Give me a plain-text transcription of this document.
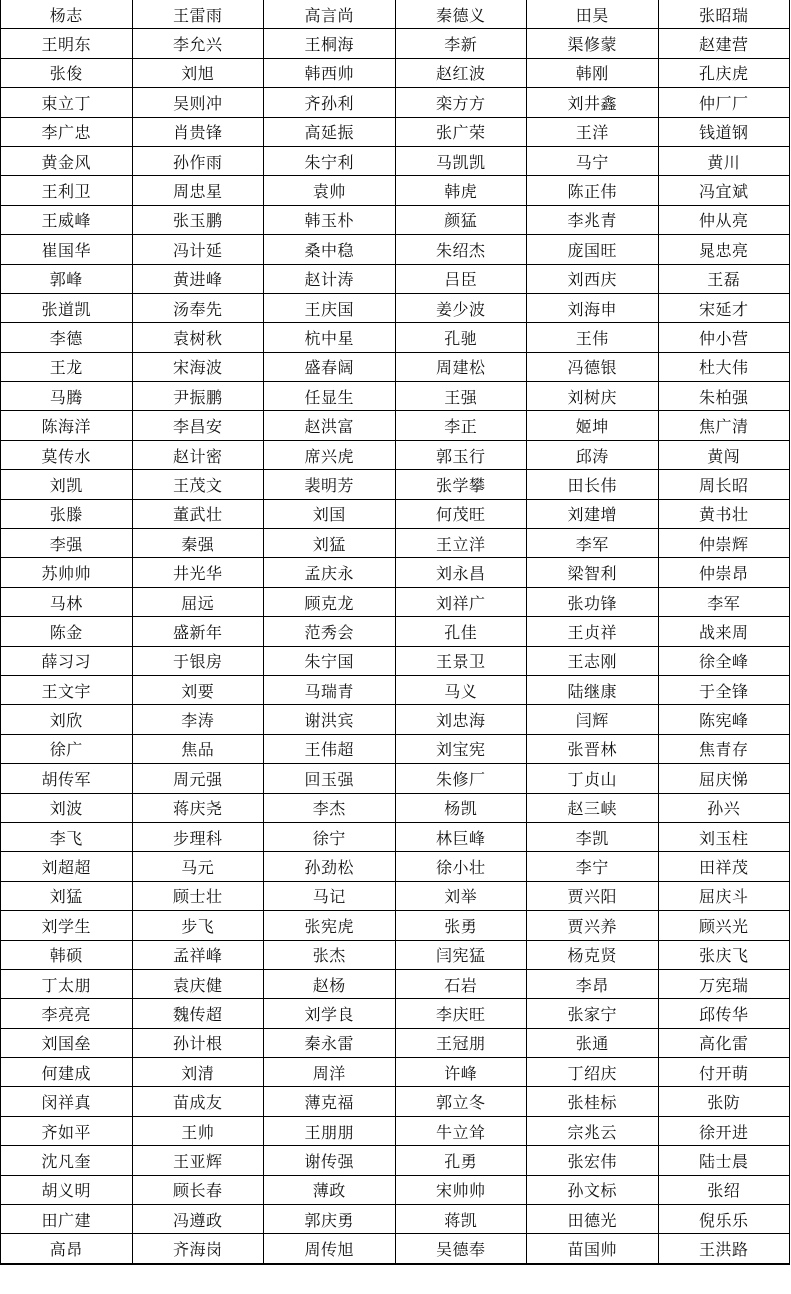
杨志	王雷雨	高言尚	秦德义	田昊	张昭瑞
王明东	李允兴	王桐海	李新	渠修蒙	赵建营
张俊	刘旭	韩西帅	赵红波	韩刚	孔庆虎
束立丁	吴则冲	齐孙利	栾方方	刘井鑫	仲厂厂
李广忠	肖贵锋	高延振	张广荣	王洋	钱道钢
黄金风	孙作雨	朱宁利	马凯凯	马宁	黄川
王利卫	周忠星	袁帅	韩虎	陈正伟	冯宜斌
王威峰	张玉鹏	韩玉朴	颜猛	李兆青	仲从亮
崔国华	冯计延	桑中稳	朱绍杰	庞国旺	晁忠亮
郭峰	黄进峰	赵计涛	吕臣	刘西庆	王磊
张道凯	汤奉先	王庆国	姜少波	刘海申	宋延才
李德	袁树秋	杭中星	孔驰	王伟	仲小营
王龙	宋海波	盛春阔	周建松	冯德银	杜大伟
马腾	尹振鹏	任显生	王强	刘树庆	朱柏强
陈海洋	李昌安	赵洪富	李正	姬坤	焦广清
莫传水	赵计密	席兴虎	郭玉行	邱涛	黄闯
刘凯	王茂文	裴明芳	张学攀	田长伟	周长昭
张滕	董武壮	刘国	何茂旺	刘建增	黄书壮
李强	秦强	刘猛	王立洋	李军	仲崇辉
苏帅帅	井光华	孟庆永	刘永昌	梁智利	仲崇昂
马林	屈远	顾克龙	刘祥广	张功锋	李军
陈金	盛新年	范秀会	孔佳	王贞祥	战来周
薛习习	于银房	朱宁国	王景卫	王志刚	徐全峰
王文宇	刘要	马瑞青	马义	陆继康	于全锋
刘欣	李涛	谢洪宾	刘忠海	闫辉	陈宪峰
徐广	焦品	王伟超	刘宝宪	张晋林	焦青存
胡传军	周元强	回玉强	朱修厂	丁贞山	屈庆悌
刘波	蒋庆尧	李杰	杨凯	赵三峡	孙兴
李飞	步理科	徐宁	林巨峰	李凯	刘玉柱
刘超超	马元	孙劲松	徐小壮	李宁	田祥茂
刘猛	顾士壮	马记	刘举	贾兴阳	屈庆斗
刘学生	步飞	张宪虎	张勇	贾兴养	顾兴光
韩硕	孟祥峰	张杰	闫宪猛	杨克贤	张庆飞
丁太朋	袁庆健	赵杨	石岩	李昂	万宪瑞
李亮亮	魏传超	刘学良	李庆旺	张家宁	邱传华
刘国垒	孙计根	秦永雷	王冠朋	张通	高化雷
何建成	刘清	周洋	许峰	丁绍庆	付开萌
闵祥真	苗成友	薄克福	郭立冬	张桂标	张防
齐如平	王帅	王朋朋	牛立耸	宗兆云	徐开进
沈凡奎	王亚辉	谢传强	孔勇	张宏伟	陆士晨
胡义明	顾长春	薄政	宋帅帅	孙文标	张绍
田广建	冯遵政	郭庆勇	蒋凯	田德光	倪乐乐
高昂	齐海岗	周传旭	吴德奉	苗国帅	王洪路
